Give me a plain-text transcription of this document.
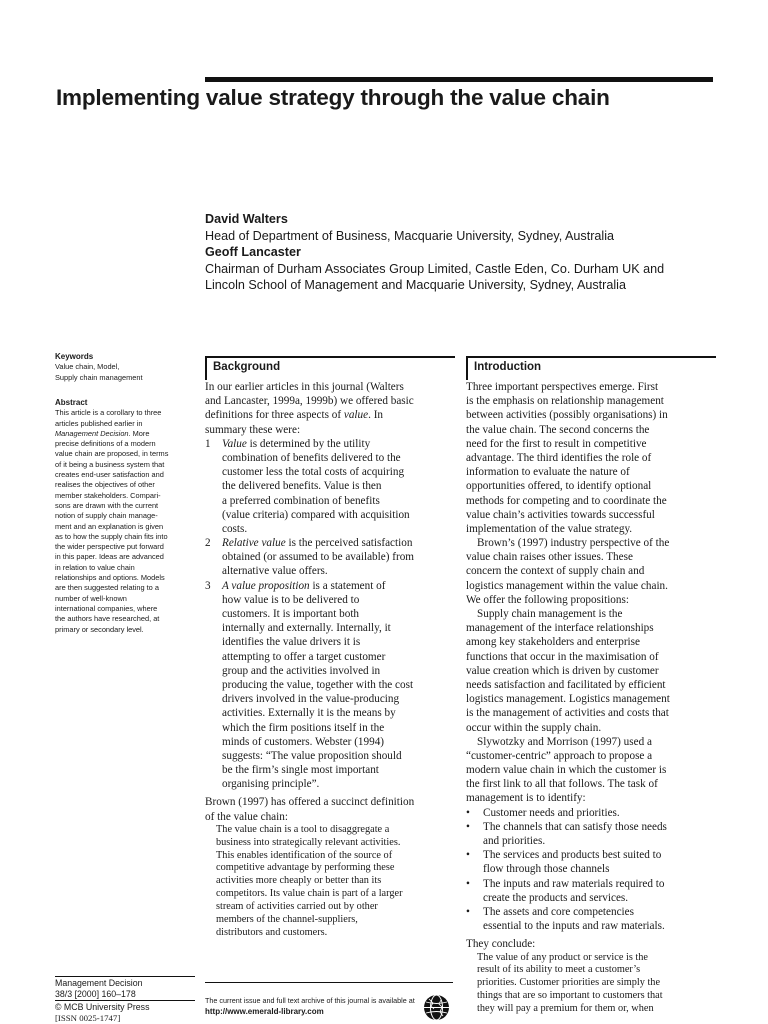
Implementing value strategy through the value chain
David Walters
Head of Department of Business, Macquarie University, Sydney, Australia
Geoff Lancaster
Chairman of Durham Associates Group Limited, Castle Eden, Co. Durham UK and
Lincoln School of Management and Macquarie University, Sydney, Australia
Keywords
Value chain, Model,
Supply chain management
Abstract
This article is a corollary to three
articles published earlier in
Management Decision. More
precise definitions of a modern
value chain are proposed, in terms
of it being a business system that
creates end-user satisfaction and
realises the objectives of other
member stakeholders. Compari-
sons are drawn with the current
notion of supply chain manage-
ment and an explanation is given
as to how the supply chain fits into
the wider perspective put forward
in this paper. Ideas are advanced
in relation to value chain
relationships and options. Models
are then suggested relating to a
number of well-known
international companies, where
the authors have researched, at
primary or secondary level.
Background	Introduction
In our earlier articles in this journal (Walters
and Lancaster, 1999a, 1999b) we offered basic
definitions for three aspects of value. In
summary these were:
1 Value is determined by the utility
combination of benefits delivered to the
customer less the total costs of acquiring
the delivered benefits. Value is then
a preferred combination of benefits
(value criteria) compared with acquisition
costs.
2 Relative value is the perceived satisfaction
obtained (or assumed to be available) from
alternative value offers.
3 A value proposition is a statement of
how value is to be delivered to
customers. It is important both
internally and externally. Internally, it
identifies the value drivers it is
attempting to offer a target customer
group and the activities involved in
producing the value, together with the cost
drivers involved in the value-producing
activities. Externally it is the means by
which the firm positions itself in the
minds of customers. Webster (1994)
suggests: “The value proposition should
be the firm’s single most important
organising principle”.
Brown (1997) has offered a succinct definition
of the value chain:
The value chain is a tool to disaggregate a
business into strategically relevant activities.
This enables identification of the source of
competitive advantage by performing these
activities more cheaply or better than its
competitors. Its value chain is part of a larger
stream of activities carried out by other
members of the channel-suppliers,
distributors and customers.
Three important perspectives emerge. First
is the emphasis on relationship management
between activities (possibly organisations) in
the value chain. The second concerns the
need for the first to result in competitive
advantage. The third identifies the role of
information to evaluate the nature of
opportunities offered, to identify optional
methods for competing and to coordinate the
value chain’s activities towards successful
implementation of the value strategy.
Brown’s (1997) industry perspective of the
value chain raises other issues. These
concern the context of supply chain and
logistics management within the value chain.
We offer the following propositions:
Supply chain management is the
management of the interface relationships
among key stakeholders and enterprise
functions that occur in the maximisation of
value creation which is driven by customer
needs satisfaction and facilitated by efficient
logistics management. Logistics management
is the management of activities and costs that
occur within the supply chain.
Slywotzky and Morrison (1997) used a
“customer-centric” approach to propose a
modern value chain in which the customer is
the first link to all that follows. The task of
management is to identify:
• Customer needs and priorities.
• The channels that can satisfy those needs
and priorities.
• The services and products best suited to
flow through those channels
• The inputs and raw materials required to
create the products and services.
• The assets and core competencies
essential to the inputs and raw materials.
They conclude:
The value of any product or service is the
result of its ability to meet a customer’s
priorities. Customer priorities are simply the
things that are so important to customers that
they will pay a premium for them or, when
Management Decision
38/3 [2000] 160–178
© MCB University Press
[ISSN 0025-1747]
The current issue and full text archive of this journal is available at
http://www.emerald-library.com
